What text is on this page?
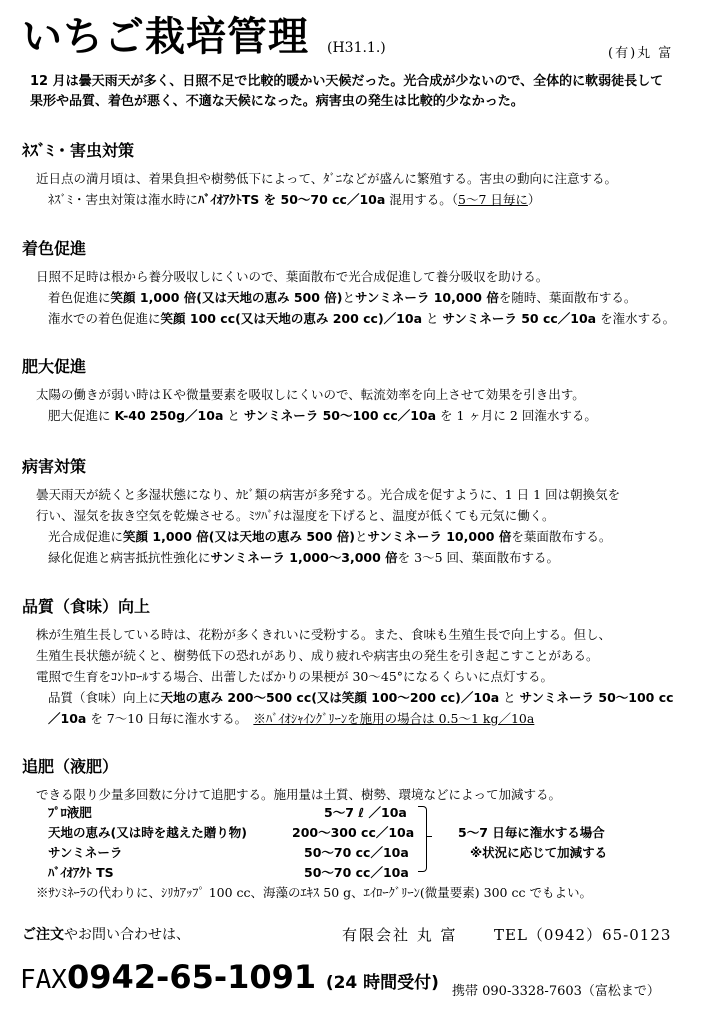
いちご栽培管理 (H31.1.)	(有)丸 富
12 月は曇天雨天が多く、日照不足で比較的暖かい天候だった。光合成が少ないので、全体的に軟弱徒長して
果形や品質、着色が悪く、不適な天候になった。病害虫の発生は比較的少なかった。
ﾈｽﾞﾐ・害虫対策
近日点の満月頃は、着果負担や樹勢低下によって、ﾀﾞﾆなどが盛んに繁殖する。害虫の動向に注意する。
ﾈｽﾞﾐ・害虫対策は潅水時にﾊﾞｲｵｱｸﾄTS を 50～70 cc／10a 混用する。（5～7 日毎に）
着色促進
日照不足時は根から養分吸収しにくいので、葉面散布で光合成促進して養分吸収を助ける。
着色促進に笑顔 1,000 倍(又は天地の恵み 500 倍)とサンミネーラ 10,000 倍を随時、葉面散布する。
潅水での着色促進に笑顔 100 cc(又は天地の恵み 200 cc)／10a と サンミネーラ 50 cc／10a を潅水する。
肥大促進
太陽の働きが弱い時はＫや微量要素を吸収しにくいので、転流効率を向上させて効果を引き出す。
肥大促進に K-40 250g／10a と サンミネーラ 50～100 cc／10a を 1 ヶ月に 2 回潅水する。
病害対策
曇天雨天が続くと多湿状態になり、ｶﾋﾞ類の病害が多発する。光合成を促すように、1 日 1 回は朝換気を
行い、湿気を抜き空気を乾燥させる。ﾐﾂﾊﾞﾁは湿度を下げると、温度が低くても元気に働く。
光合成促進に笑顔 1,000 倍(又は天地の恵み 500 倍)とサンミネーラ 10,000 倍を葉面散布する。
緑化促進と病害抵抗性強化にサンミネーラ 1,000～3,000 倍を 3～5 回、葉面散布する。
品質（食味）向上
株が生殖生長している時は、花粉が多くきれいに受粉する。また、食味も生殖生長で向上する。但し、
生殖生長状態が続くと、樹勢低下の恐れがあり、成り疲れや病害虫の発生を引き起こすことがある。
電照で生育をｺﾝﾄﾛｰﾙする場合、出蕾したばかりの果梗が 30～45°になるくらいに点灯する。
品質（食味）向上に天地の恵み 200～500 cc(又は笑顔 100～200 cc)／10a と サンミネーラ 50～100 cc
／10a を 7～10 日毎に潅水する。　※ﾊﾞｲｵｼｬｲﾝｸﾞﾘｰﾝを施用の場合は 0.5～1 kg／10a
追肥（液肥）
できる限り少量多回数に分けて追肥する。施用量は土質、樹勢、環境などによって加減する。
ﾌﾟﾛ液肥	5～7 ℓ ／10a
天地の恵み(又は時を越えた贈り物)	200～300 cc／10a
サンミネーラ	50～70 cc／10a
ﾊﾞｲｵｱｸﾄ TS	50～70 cc／10a
5～7 日毎に潅水する場合
※状況に応じて加減する
※ｻﾝﾐﾈｰﾗの代わりに、ｼﾘｶｱｯﾌﾟ 100 cc、海藻のｴｷｽ 50 g、ｴｲﾛｰｸﾞﾘｰﾝ(微量要素) 300 cc でもよい。
ご注文やお問い合わせは、	有限会社 丸 富 TEL（0942）65-0123
FAX0942-65-1091 (24 時間受付) 携帯 090-3328-7603（富松まで）
